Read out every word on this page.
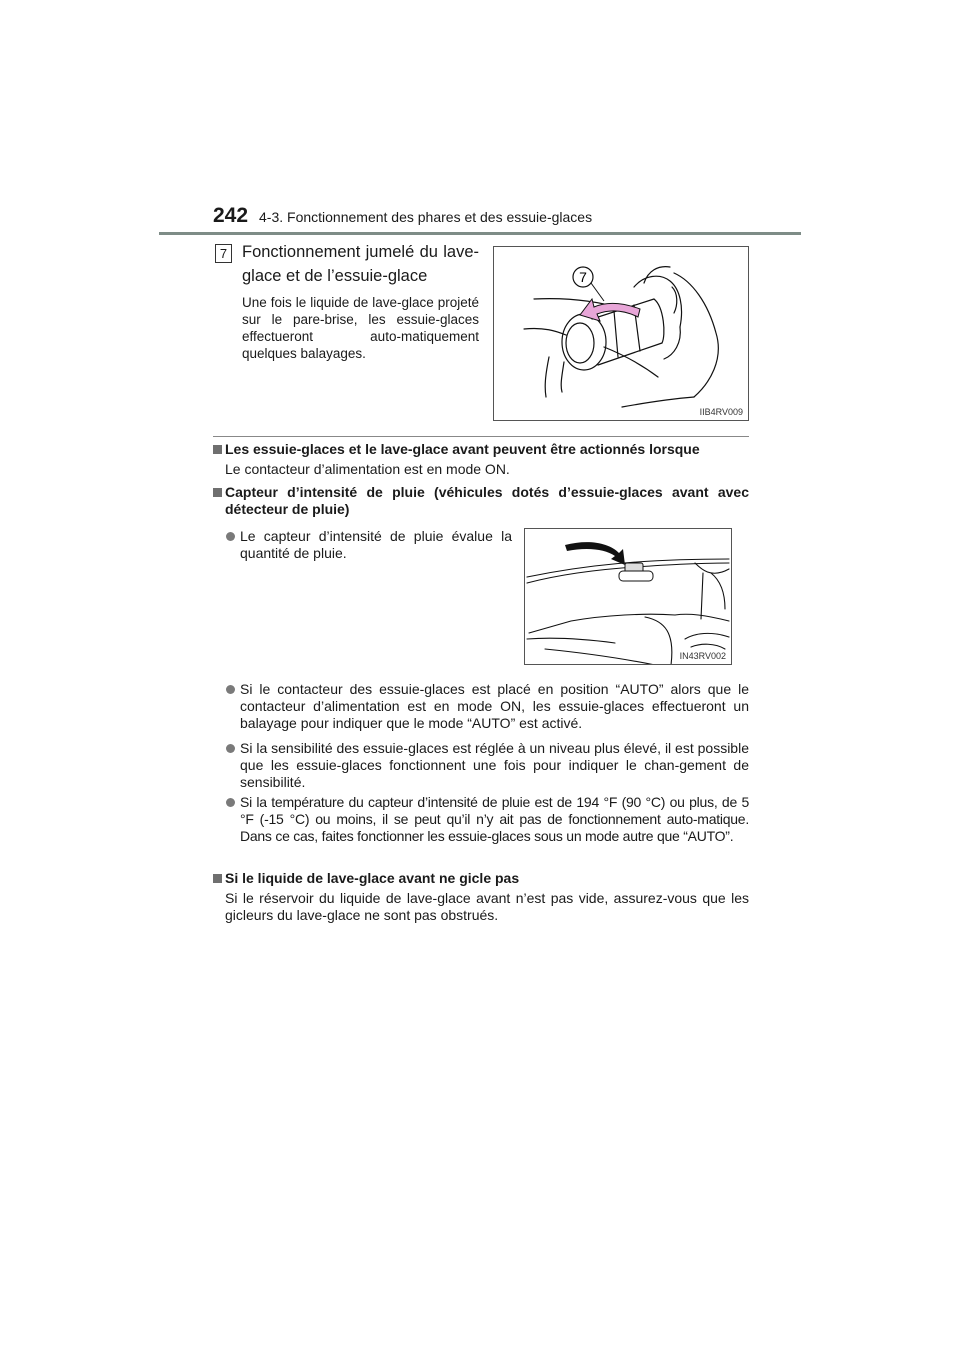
242 4-3. Fonctionnement des phares et des essuie-glaces
7 Fonctionnement jumelé du lave-glace et de l’essuie-glace
Une fois le liquide de lave-glace projeté sur le pare-brise, les essuie-glaces effectueront auto-matiquement quelques balayages.
7
IIB4RV009
Les essuie-glaces et le lave-glace avant peuvent être actionnés lorsque
Le contacteur d’alimentation est en mode ON.
Capteur d’intensité de pluie (véhicules dotés d’essuie-glaces avant avec détecteur de pluie)
Le capteur d’intensité de pluie évalue la quantité de pluie.
IN43RV002
Si le contacteur des essuie-glaces est placé en position “AUTO” alors que le contacteur d’alimentation est en mode ON, les essuie-glaces effectueront un balayage pour indiquer que le mode “AUTO” est activé.
Si la sensibilité des essuie-glaces est réglée à un niveau plus élevé, il est possible que les essuie-glaces fonctionnent une fois pour indiquer le chan-gement de sensibilité.
Si la température du capteur d’intensité de pluie est de 194 °F (90 °C) ou plus, de 5 °F (-15 °C) ou moins, il se peut qu’il n’y ait pas de fonctionnement auto-matique. Dans ce cas, faites fonctionner les essuie-glaces sous un mode autre que “AUTO”.
Si le liquide de lave-glace avant ne gicle pas
Si le réservoir du liquide de lave-glace avant n’est pas vide, assurez-vous que les gicleurs du lave-glace ne sont pas obstrués.
